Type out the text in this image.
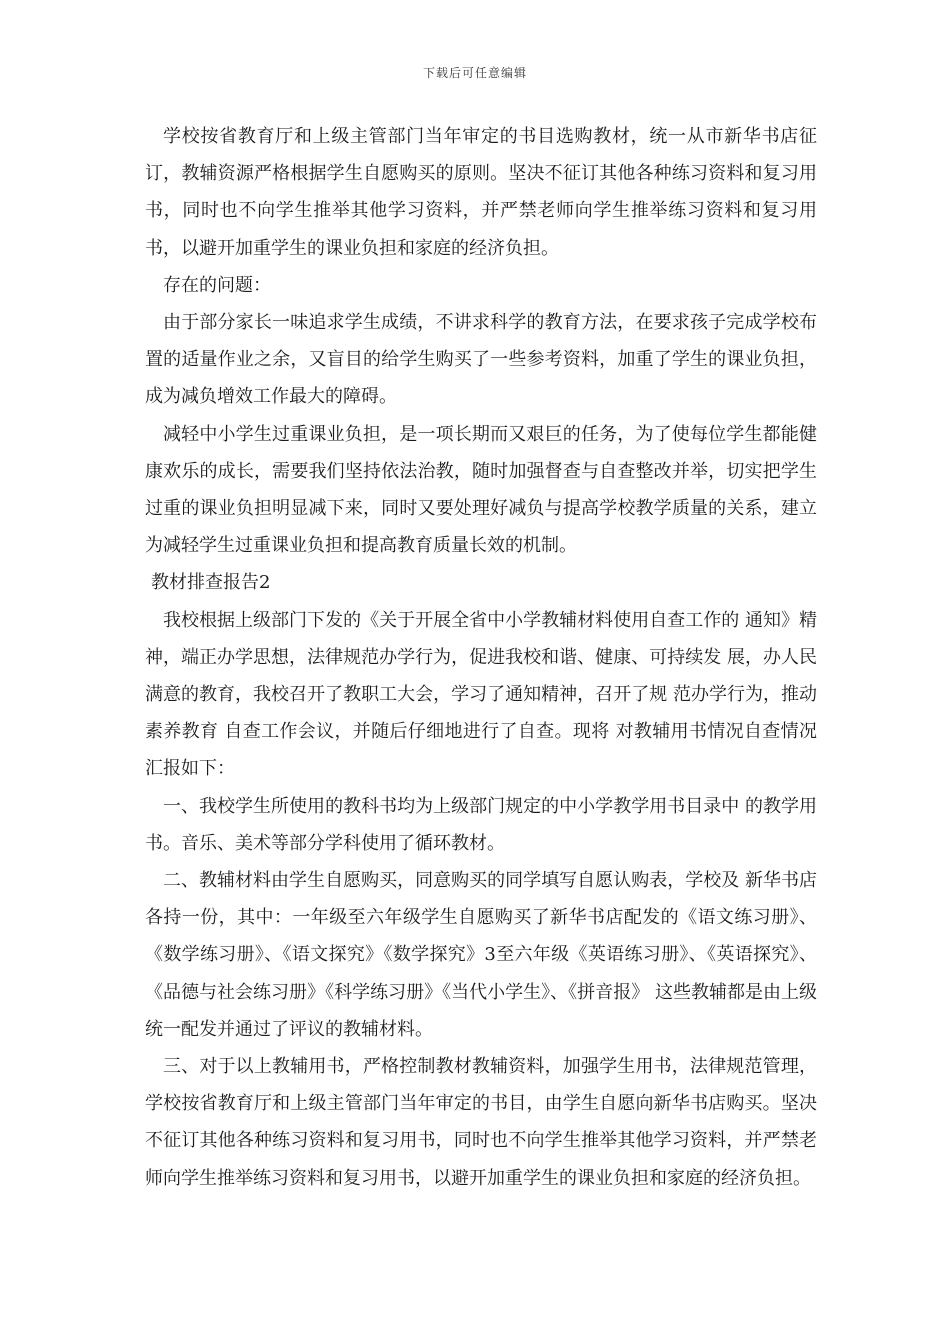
下载后可任意编辑

学校按省教育厅和上级主管部门当年审定的书目选购教材，统一从市新华书店征订，教辅资源严格根据学生自愿购买的原则。坚决不征订其他各种练习资料和复习用书，同时也不向学生推举其他学习资料，并严禁老师向学生推举练习资料和复习用书，以避开加重学生的课业负担和家庭的经济负担。

存在的问题：

由于部分家长一味追求学生成绩，不讲求科学的教育方法，在要求孩子完成学校布置的适量作业之余，又盲目的给学生购买了一些参考资料，加重了学生的课业负担，成为减负增效工作最大的障碍。

减轻中小学生过重课业负担，是一项长期而又艰巨的任务，为了使每位学生都能健康欢乐的成长，需要我们坚持依法治教，随时加强督查与自查整改并举，切实把学生过重的课业负担明显减下来，同时又要处理好减负与提高学校教学质量的关系，建立为减轻学生过重课业负担和提高教育质量长效的机制。

教材排查报告2

我校根据上级部门下发的《关于开展全省中小学教辅材料使用自查工作的 通知》精神，端正办学思想，法律规范办学行为，促进我校和谐、健康、可持续发 展，办人民满意的教育，我校召开了教职工大会，学习了通知精神，召开了规 范办学行为，推动素养教育 自查工作会议，并随后仔细地进行了自查。现将 对教辅用书情况自查情况汇报如下：

一、我校学生所使用的教科书均为上级部门规定的中小学教学用书目录中 的教学用书。音乐、美术等部分学科使用了循环教材。

二、教辅材料由学生自愿购买，同意购买的同学填写自愿认购表，学校及 新华书店各持一份，其中：一年级至六年级学生自愿购买了新华书店配发的《语文练习册》、《数学练习册》、《语文探究》《数学探究》3至六年级《英语练习册》、《英语探究》、《品德与社会练习册》《科学练习册》《当代小学生》、《拼音报》 这些教辅都是由上级统一配发并通过了评议的教辅材料。

三、对于以上教辅用书，严格控制教材教辅资料，加强学生用书，法律规范管理，学校按省教育厅和上级主管部门当年审定的书目，由学生自愿向新华书店购买。坚决不征订其他各种练习资料和复习用书，同时也不向学生推举其他学习资料，并严禁老师向学生推举练习资料和复习用书，以避开加重学生的课业负担和家庭的经济负担。
